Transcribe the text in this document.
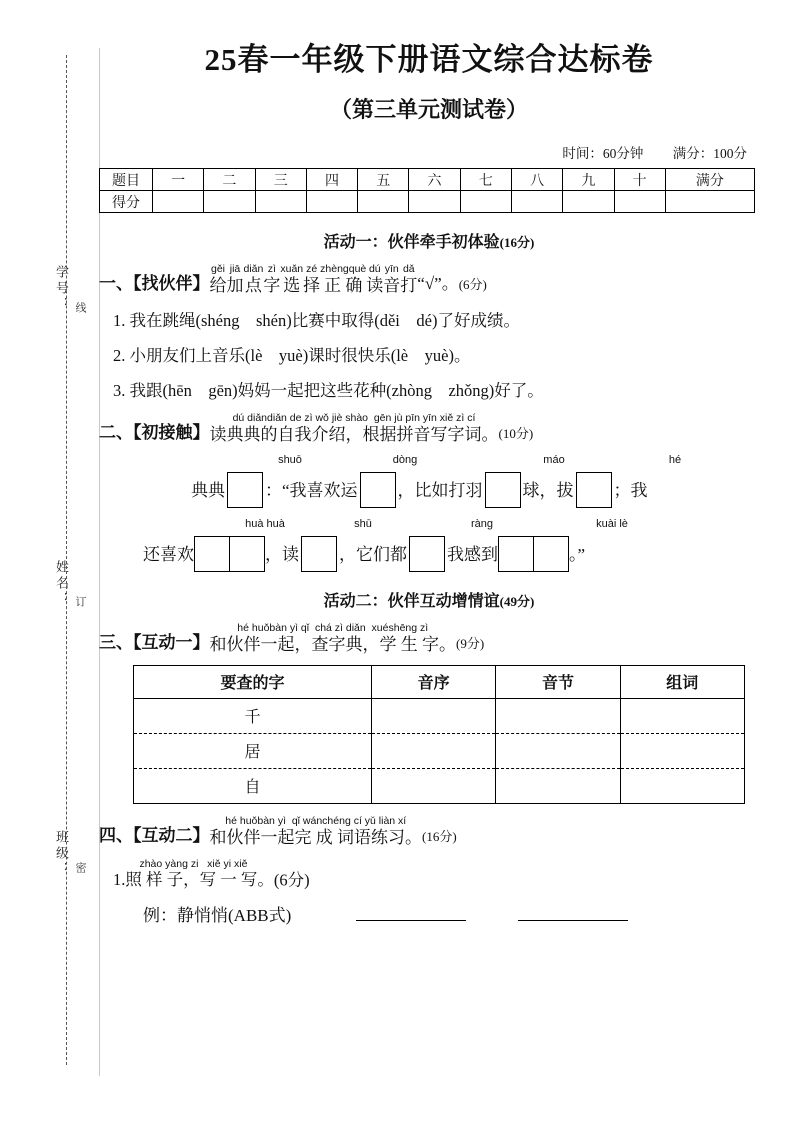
学号： 线
姓名： 订
班级： 密
25春一年级下册语文综合达标卷
（第三单元测试卷）
时间：60分钟 满分：100分
题目	一	二	三	四	五	六	七	八	九	十	满分
得分											
活动一：伙伴牵手初体验(16分)
一、【找伙伴】
gěi
给
jiā
加
diǎn
点
zì
字
xuǎn
选
zé
择
zhèngquè
正 确
dú
读
yīn
音
dǎ
打 “√”。(6分)
1. 我在跳绳(shéng　shén)比赛中取得(děi　dé)了好成绩。
2. 小朋友们上音乐(lè　yuè)课时很快乐(lè　yuè)。
3. 我跟(hēn　gēn)妈妈一起把这些花种(zhòng　zhǒng)好了。
二、【初接触】
dú diǎndiǎn de zì wǒ jiè shào  gēn jù pīn yīn xiě zì cí
读典典的自我介绍，根据拼音写字词。 (10分)
shuō	dòng	máo	hé
典典 ：“我喜欢运 ，比如打羽 球，拔 ；我
huà huà	shū	ràng	kuài lè
还喜欢	，读 ，它们都 我感到	。”
活动二：伙伴互动增情谊(49分)
三、【互动一】
hé huǒbàn yì qǐ  chá zì diǎn  xuéshēng zì
和伙伴一起，查字典，学 生 字。 (9分)
要查的字	音序	音节	组词
千			
居			
自			
四、【互动二】
hé huǒbàn yì  qǐ wánchéng cí yǔ liàn xí
和伙伴一起完 成 词语练习。 (16分)
zhào yàng zi   xiě yi xiě
1.照 样 子，写 一 写。 (6分)
例：静悄悄(ABB式)
